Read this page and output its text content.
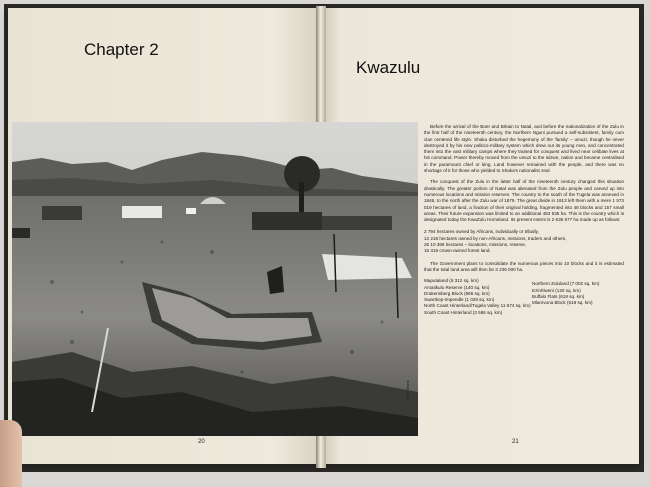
Chapter 2
Kwazulu
Dale Marts
20	21

Before the arrival of the Boer and Britain to Natal, and before the nationalization of the Zulu in the first half of the nineteenth century, the Northern Nguni pursued a self-subsistent, family cum clan centered life style. Shaka disturbed the hegemony of the 'family' – umuzi, though he never destroyed it by his new politico-military system which drew out its young men, and concentrated them into the vast military camps where they trained for conquest and lived near celibate lives at his command. Power thereby moved from the umuzi to the isizwe, nation and became centralised in the paramount chief or king. Land however remained with the people, and there was no shortage of it for those who yielded to Shaka's nationalist zeal.

The conquest of the Zulu in the latter half of the nineteenth century changed this situation drastically. The greater portion of Natal was alienated from the Zulu people and carved up into numerous locations and mission reserves. The country to the south of the Tugela was annexed in 1846, to the north after the Zulu war of 1879. The great divide in 1913 left them with a mere 1 573 019 hectares of land, a fraction of their original holding, fragmented into 48 blocks and 157 small areas. Their future expansion was limited to an additional 453 535 ha. This is the country which is designated today the KwaZulu Homeland. Its present extent is 2 636 677 ha made up as follows:

2 794 hectares owned by Africans, individually or tribally,
12 218 hectares owned by non-Africans, missions, traders and others,
26 10 366 hectares – locations, missions, reserve,
15 318 crown-owned forest land.

The Government plans to consolidate the numerous pieces into 10 blocks and it is estimated that the total land area will then be 3 236 000 ha.

Maputaland (6 312 sq. km)
Amatikulu Reserve (140 sq. km)
Drakensberg Block (865 sq. km)
Swartkop-Impendle (1 028 sq. km)
North Coast Hinterland/Tugela Valley 11 674 sq. km)
South Coast Hinterland (3 586 sq. km)
Northern Zululand (7 002 sq. km)
Ezinhlweni (120 sq. km)
Buffalo Flats (618 sq. km)
Mlamvuna Block (618 sq. km)
